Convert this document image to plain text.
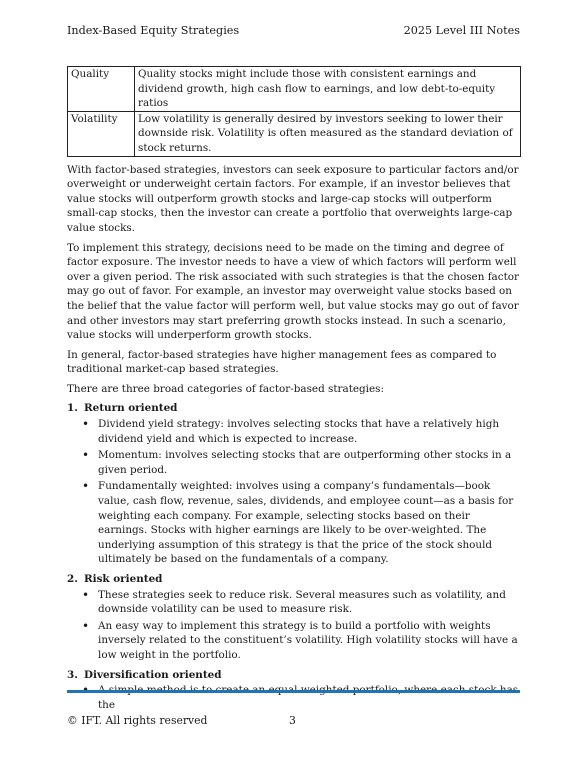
Index-Based Equity Strategies	2025 Level III Notes
Quality	Quality stocks might include those with consistent earnings and dividend growth, high cash flow to earnings, and low debt-to-equity ratios
Volatility	Low volatility is generally desired by investors seeking to lower their downside risk. Volatility is often measured as the standard deviation of stock returns.

With factor-based strategies, investors can seek exposure to particular factors and/or overweight or underweight certain factors. For example, if an investor believes that value stocks will outperform growth stocks and large-cap stocks will outperform small-cap stocks, then the investor can create a portfolio that overweights large-cap value stocks.

To implement this strategy, decisions need to be made on the timing and degree of factor exposure. The investor needs to have a view of which factors will perform well over a given period. The risk associated with such strategies is that the chosen factor may go out of favor. For example, an investor may overweight value stocks based on the belief that the value factor will perform well, but value stocks may go out of favor and other investors may start preferring growth stocks instead. In such a scenario, value stocks will underperform growth stocks.

In general, factor-based strategies have higher management fees as compared to traditional market-cap based strategies.

There are three broad categories of factor-based strategies:

1. Return oriented
• Dividend yield strategy: involves selecting stocks that have a relatively high dividend yield and which is expected to increase.
• Momentum: involves selecting stocks that are outperforming other stocks in a given period.
• Fundamentally weighted: involves using a company’s fundamentals—book value, cash flow, revenue, sales, dividends, and employee count—as a basis for weighting each company. For example, selecting stocks based on their earnings. Stocks with higher earnings are likely to be over-weighted. The underlying assumption of this strategy is that the price of the stock should ultimately be based on the fundamentals of a company.
2. Risk oriented
• These strategies seek to reduce risk. Several measures such as volatility, and downside volatility can be used to measure risk.
• An easy way to implement this strategy is to build a portfolio with weights inversely related to the constituent’s volatility. High volatility stocks will have a low weight in the portfolio.
3. Diversification oriented
• the
© IFT. All rights reserved	3
